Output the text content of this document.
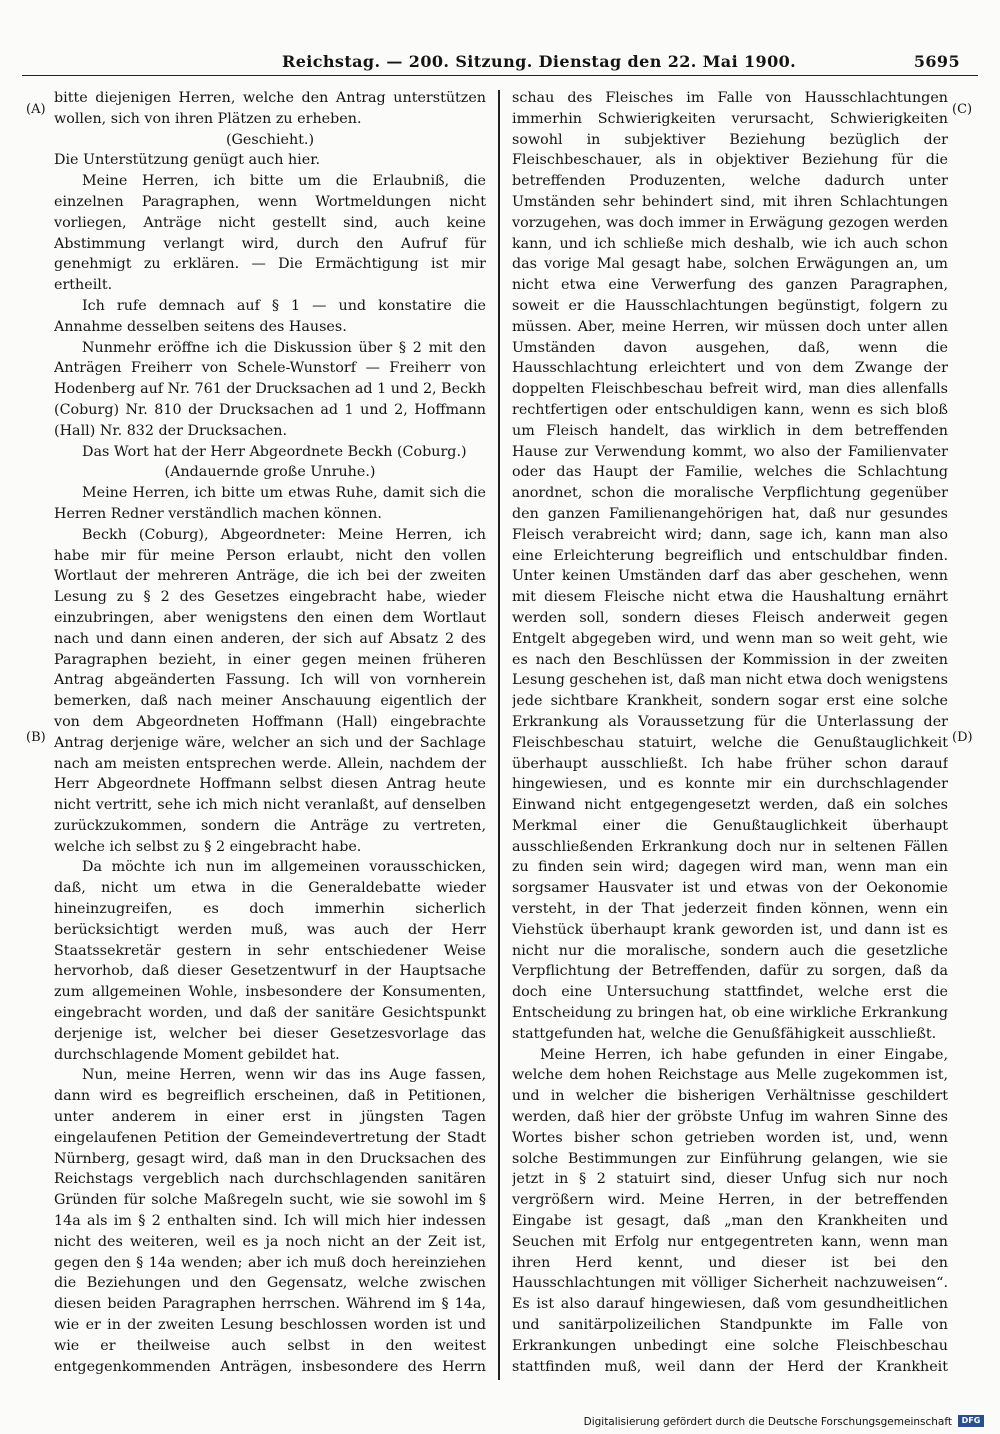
Reichstag. — 200. Sitzung. Dienstag den 22. Mai 1900.	5695
(A)
(B)
(C)
(D)

bitte diejenigen Herren, welche den Antrag unterstützen wollen, sich von ihren Plätzen zu erheben.

(Geschieht.)

Die Unterstützung genügt auch hier.

Meine Herren, ich bitte um die Erlaubniß, die einzelnen Paragraphen, wenn Wortmeldungen nicht vorliegen, Anträge nicht gestellt sind, auch keine Abstimmung verlangt wird, durch den Aufruf für genehmigt zu erklären. — Die Ermächtigung ist mir ertheilt.

Ich rufe demnach auf § 1 — und konstatire die Annahme desselben seitens des Hauses.

Nunmehr eröffne ich die Diskussion über § 2 mit den Anträgen Freiherr von Schele-Wunstorf — Freiherr von Hodenberg auf Nr. 761 der Drucksachen ad 1 und 2, Beckh (Coburg) Nr. 810 der Drucksachen ad 1 und 2, Hoffmann (Hall) Nr. 832 der Drucksachen.

Das Wort hat der Herr Abgeordnete Beckh (Coburg.)

(Andauernde große Unruhe.)

Meine Herren, ich bitte um etwas Ruhe, damit sich die Herren Redner verständlich machen können.

Beckh (Coburg), Abgeordneter: Meine Herren, ich habe mir für meine Person erlaubt, nicht den vollen Wortlaut der mehreren Anträge, die ich bei der zweiten Lesung zu § 2 des Gesetzes eingebracht habe, wieder einzubringen, aber wenigstens den einen dem Wortlaut nach und dann einen anderen, der sich auf Absatz 2 des Paragraphen bezieht, in einer gegen meinen früheren Antrag abgeänderten Fassung. Ich will von vornherein bemerken, daß nach meiner Anschauung eigentlich der von dem Abgeordneten Hoffmann (Hall) eingebrachte Antrag derjenige wäre, welcher an sich und der Sachlage nach am meisten entsprechen werde. Allein, nachdem der Herr Abgeordnete Hoffmann selbst diesen Antrag heute nicht vertritt, sehe ich mich nicht veranlaßt, auf denselben zurückzukommen, sondern die Anträge zu vertreten, welche ich selbst zu § 2 eingebracht habe.

Da möchte ich nun im allgemeinen vorausschicken, daß, nicht um etwa in die Generaldebatte wieder hineinzugreifen, es doch immerhin sicherlich berücksichtigt werden muß, was auch der Herr Staatssekretär gestern in sehr entschiedener Weise hervorhob, daß dieser Gesetzentwurf in der Hauptsache zum allgemeinen Wohle, insbesondere der Konsumenten, eingebracht worden, und daß der sanitäre Gesichtspunkt derjenige ist, welcher bei dieser Gesetzesvorlage das durchschlagende Moment gebildet hat.

Nun, meine Herren, wenn wir das ins Auge fassen, dann wird es begreiflich erscheinen, daß in Petitionen, unter anderem in einer erst in jüngsten Tagen eingelaufenen Petition der Gemeindevertretung der Stadt Nürnberg, gesagt wird, daß man in den Drucksachen des Reichstags vergeblich nach durchschlagenden sanitären Gründen für solche Maßregeln sucht, wie sie sowohl im § 14a als im § 2 enthalten sind. Ich will mich hier indessen nicht des weiteren, weil es ja noch nicht an der Zeit ist, gegen den § 14a wenden; aber ich muß doch hereinziehen die Beziehungen und den Gegensatz, welche zwischen diesen beiden Paragraphen herrschen. Während im § 14a, wie er in der zweiten Lesung beschlossen worden ist und wie er theilweise auch selbst in den weitest entgegenkommenden Anträgen, insbesondere des Herrn

schau des Fleisches im Falle von Hausschlachtungen immerhin Schwierigkeiten verursacht, Schwierigkeiten sowohl in subjektiver Beziehung bezüglich der Fleischbeschauer, als in objektiver Beziehung für die betreffenden Produzenten, welche dadurch unter Umständen sehr behindert sind, mit ihren Schlachtungen vorzugehen, was doch immer in Erwägung gezogen werden kann, und ich schließe mich deshalb, wie ich auch schon das vorige Mal gesagt habe, solchen Erwägungen an, um nicht etwa eine Verwerfung des ganzen Paragraphen, soweit er die Hausschlachtungen begünstigt, folgern zu müssen. Aber, meine Herren, wir müssen doch unter allen Umständen davon ausgehen, daß, wenn die Hausschlachtung erleichtert und von dem Zwange der doppelten Fleischbeschau befreit wird, man dies allenfalls rechtfertigen oder entschuldigen kann, wenn es sich bloß um Fleisch handelt, das wirklich in dem betreffenden Hause zur Verwendung kommt, wo also der Familienvater oder das Haupt der Familie, welches die Schlachtung anordnet, schon die moralische Verpflichtung gegenüber den ganzen Familienangehörigen hat, daß nur gesundes Fleisch verabreicht wird; dann, sage ich, kann man also eine Erleichterung begreiflich und entschuldbar finden. Unter keinen Umständen darf das aber geschehen, wenn mit diesem Fleische nicht etwa die Haushaltung ernährt werden soll, sondern dieses Fleisch anderweit gegen Entgelt abgegeben wird, und wenn man so weit geht, wie es nach den Beschlüssen der Kommission in der zweiten Lesung geschehen ist, daß man nicht etwa doch wenigstens jede sichtbare Krankheit, sondern sogar erst eine solche Erkrankung als Voraussetzung für die Unterlassung der Fleischbeschau statuirt, welche die Genußtauglichkeit überhaupt ausschließt. Ich habe früher schon darauf hingewiesen, und es konnte mir ein durchschlagender Einwand nicht entgegengesetzt werden, daß ein solches Merkmal einer die Genußtauglichkeit überhaupt ausschließenden Erkrankung doch nur in seltenen Fällen zu finden sein wird; dagegen wird man, wenn man ein sorgsamer Hausvater ist und etwas von der Oekonomie versteht, in der That jederzeit finden können, wenn ein Viehstück überhaupt krank geworden ist, und dann ist es nicht nur die moralische, sondern auch die gesetzliche Verpflichtung der Betreffenden, dafür zu sorgen, daß da doch eine Untersuchung stattfindet, welche erst die Entscheidung zu bringen hat, ob eine wirkliche Erkrankung stattgefunden hat, welche die Genußfähigkeit ausschließt.

Meine Herren, ich habe gefunden in einer Eingabe, welche dem hohen Reichstage aus Melle zugekommen ist, und in welcher die bisherigen Verhältnisse geschildert werden, daß hier der gröbste Unfug im wahren Sinne des Wortes bisher schon getrieben worden ist, und, wenn solche Bestimmungen zur Einführung gelangen, wie sie jetzt in § 2 statuirt sind, dieser Unfug sich nur noch vergrößern wird. Meine Herren, in der betreffenden Eingabe ist gesagt, daß „man den Krankheiten und Seuchen mit Erfolg nur entgegentreten kann, wenn man ihren Herd kennt, und dieser ist bei den Hausschlachtungen mit völliger Sicherheit nachzuweisen“. Es ist also darauf hingewiesen, daß vom gesundheitlichen und sanitärpolizeilichen Standpunkte im Falle von Erkrankungen unbedingt eine solche Fleischbeschau stattfinden muß, weil dann der Herd der Krankheit

Digitalisierung gefördert durch die Deutsche Forschungsgemeinschaft	DFG
